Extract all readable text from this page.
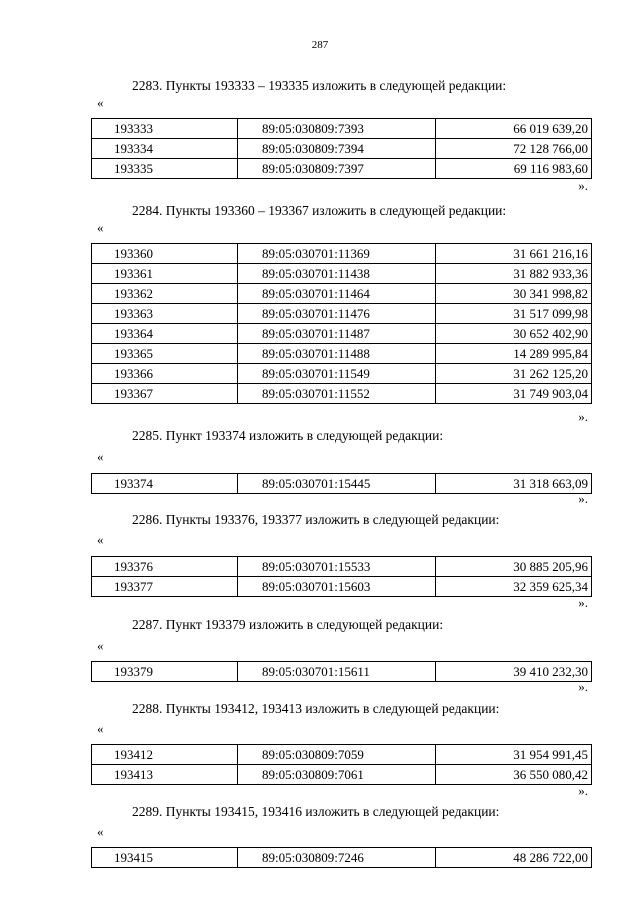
287
2283. Пункты 193333 – 193335 изложить в следующей редакции:
«
193333	89:05:030809:7393	66 019 639,20
193334	89:05:030809:7394	72 128 766,00
193335	89:05:030809:7397	69 116 983,60
».
2284. Пункты 193360 – 193367 изложить в следующей редакции:
«
193360	89:05:030701:11369	31 661 216,16
193361	89:05:030701:11438	31 882 933,36
193362	89:05:030701:11464	30 341 998,82
193363	89:05:030701:11476	31 517 099,98
193364	89:05:030701:11487	30 652 402,90
193365	89:05:030701:11488	14 289 995,84
193366	89:05:030701:11549	31 262 125,20
193367	89:05:030701:11552	31 749 903,04
».
2285. Пункт 193374 изложить в следующей редакции:
«
193374	89:05:030701:15445	31 318 663,09
».
2286. Пункты 193376, 193377 изложить в следующей редакции:
«
193376	89:05:030701:15533	30 885 205,96
193377	89:05:030701:15603	32 359 625,34
».
2287. Пункт 193379 изложить в следующей редакции:
«
193379	89:05:030701:15611	39 410 232,30
».
2288. Пункты 193412, 193413 изложить в следующей редакции:
«
193412	89:05:030809:7059	31 954 991,45
193413	89:05:030809:7061	36 550 080,42
».
2289. Пункты 193415, 193416 изложить в следующей редакции:
«
193415	89:05:030809:7246	48 286 722,00
